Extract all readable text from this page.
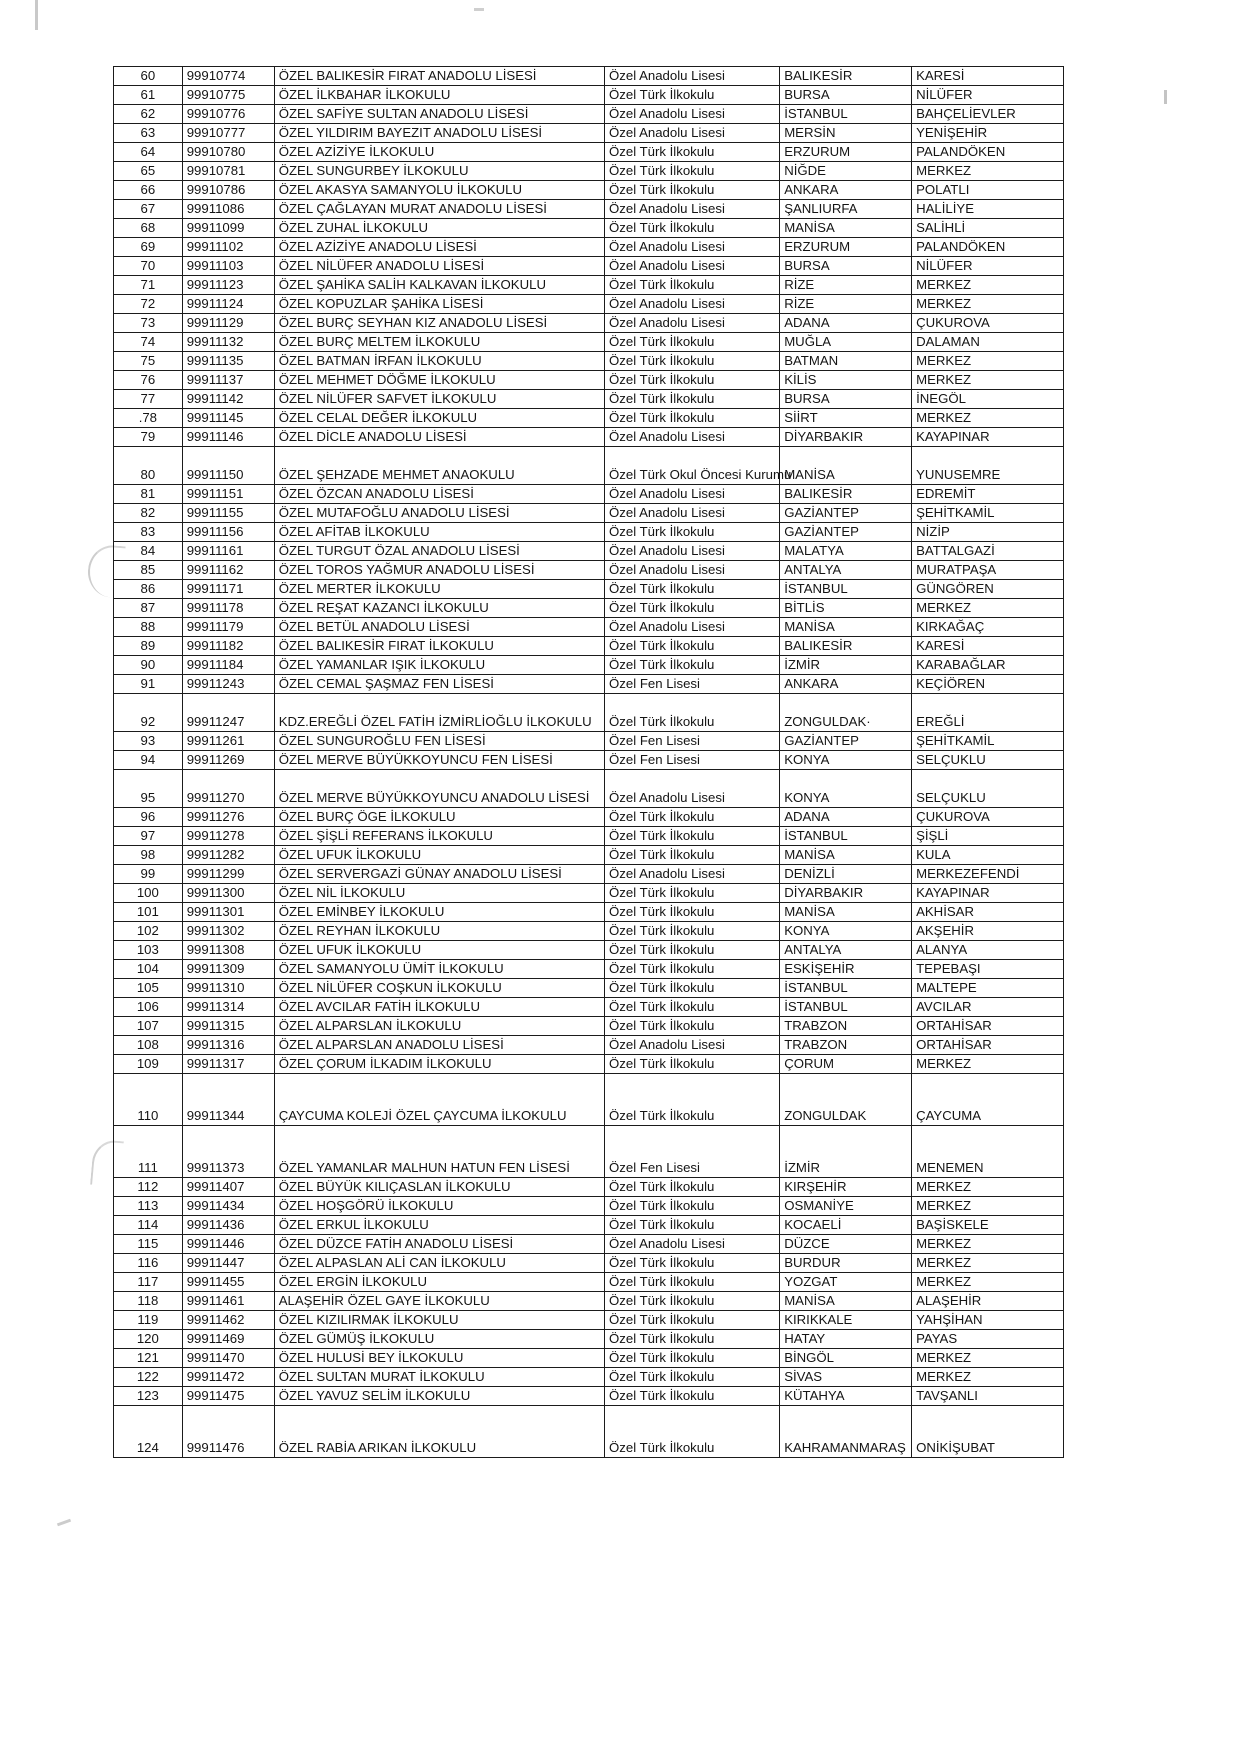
60	99910774	ÖZEL BALIKESİR FIRAT ANADOLU LİSESİ	Özel Anadolu Lisesi	BALIKESİR	KARESİ
61	99910775	ÖZEL İLKBAHAR İLKOKULU	Özel Türk İlkokulu	BURSA	NİLÜFER
62	99910776	ÖZEL SAFİYE SULTAN ANADOLU LİSESİ	Özel Anadolu Lisesi	İSTANBUL	BAHÇELİEVLER
63	99910777	ÖZEL YILDIRIM BAYEZIT ANADOLU LİSESİ	Özel Anadolu Lisesi	MERSİN	YENİŞEHİR
64	99910780	ÖZEL AZİZİYE İLKOKULU	Özel Türk İlkokulu	ERZURUM	PALANDÖKEN
65	99910781	ÖZEL SUNGURBEY İLKOKULU	Özel Türk İlkokulu	NİĞDE	MERKEZ
66	99910786	ÖZEL AKASYA SAMANYOLU İLKOKULU	Özel Türk İlkokulu	ANKARA	POLATLI
67	99911086	ÖZEL ÇAĞLAYAN MURAT ANADOLU LİSESİ	Özel Anadolu Lisesi	ŞANLIURFA	HALİLİYE
68	99911099	ÖZEL ZUHAL İLKOKULU	Özel Türk İlkokulu	MANİSA	SALİHLİ
69	99911102	ÖZEL AZİZİYE ANADOLU LİSESİ	Özel Anadolu Lisesi	ERZURUM	PALANDÖKEN
70	99911103	ÖZEL NİLÜFER ANADOLU LİSESİ	Özel Anadolu Lisesi	BURSA	NİLÜFER
71	99911123	ÖZEL ŞAHİKA SALİH KALKAVAN İLKOKULU	Özel Türk İlkokulu	RİZE	MERKEZ
72	99911124	ÖZEL KOPUZLAR ŞAHİKA LİSESİ	Özel Anadolu Lisesi	RİZE	MERKEZ
73	99911129	ÖZEL BURÇ SEYHAN KIZ ANADOLU LİSESİ	Özel Anadolu Lisesi	ADANA	ÇUKUROVA
74	99911132	ÖZEL BURÇ MELTEM İLKOKULU	Özel Türk İlkokulu	MUĞLA	DALAMAN
75	99911135	ÖZEL BATMAN İRFAN İLKOKULU	Özel Türk İlkokulu	BATMAN	MERKEZ
76	99911137	ÖZEL MEHMET DÖĞME İLKOKULU	Özel Türk İlkokulu	KİLİS	MERKEZ
77	99911142	ÖZEL NİLÜFER SAFVET İLKOKULU	Özel Türk İlkokulu	BURSA	İNEGÖL
.78	99911145	ÖZEL CELAL DEĞER İLKOKULU	Özel Türk İlkokulu	SİİRT	MERKEZ
79	99911146	ÖZEL DİCLE ANADOLU LİSESİ	Özel Anadolu Lisesi	DİYARBAKIR	KAYAPINAR
80	99911150	ÖZEL ŞEHZADE MEHMET ANAOKULU	Özel Türk Okul Öncesi Kurumu	MANİSA	YUNUSEMRE
81	99911151	ÖZEL ÖZCAN ANADOLU LİSESİ	Özel Anadolu Lisesi	BALIKESİR	EDREMİT
82	99911155	ÖZEL MUTAFOĞLU ANADOLU LİSESİ	Özel Anadolu Lisesi	GAZİANTEP	ŞEHİTKAMİL
83	99911156	ÖZEL AFİTAB İLKOKULU	Özel Türk İlkokulu	GAZİANTEP	NİZİP
84	99911161	ÖZEL TURGUT ÖZAL ANADOLU LİSESİ	Özel Anadolu Lisesi	MALATYA	BATTALGAZİ
85	99911162	ÖZEL TOROS YAĞMUR ANADOLU LİSESİ	Özel Anadolu Lisesi	ANTALYA	MURATPAŞA
86	99911171	ÖZEL MERTER İLKOKULU	Özel Türk İlkokulu	İSTANBUL	GÜNGÖREN
87	99911178	ÖZEL REŞAT KAZANCI İLKOKULU	Özel Türk İlkokulu	BİTLİS	MERKEZ
88	99911179	ÖZEL BETÜL ANADOLU LİSESİ	Özel Anadolu Lisesi	MANİSA	KIRKAĞAÇ
89	99911182	ÖZEL BALIKESİR FIRAT İLKOKULU	Özel Türk İlkokulu	BALIKESİR	KARESİ
90	99911184	ÖZEL YAMANLAR IŞIK İLKOKULU	Özel Türk İlkokulu	İZMİR	KARABAĞLAR
91	99911243	ÖZEL CEMAL ŞAŞMAZ FEN LİSESİ	Özel Fen Lisesi	ANKARA	KEÇİÖREN
92	99911247	KDZ.EREĞLİ ÖZEL FATİH İZMİRLİOĞLU İLKOKULU	Özel Türk İlkokulu	ZONGULDAK·	EREĞLİ
93	99911261	ÖZEL SUNGUROĞLU FEN LİSESİ	Özel Fen Lisesi	GAZİANTEP	ŞEHİTKAMİL
94	99911269	ÖZEL MERVE BÜYÜKKOYUNCU FEN LİSESİ	Özel Fen Lisesi	KONYA	SELÇUKLU
95	99911270	ÖZEL MERVE BÜYÜKKOYUNCU ANADOLU LİSESİ	Özel Anadolu Lisesi	KONYA	SELÇUKLU
96	99911276	ÖZEL BURÇ ÖGE İLKOKULU	Özel Türk İlkokulu	ADANA	ÇUKUROVA
97	99911278	ÖZEL ŞİŞLİ REFERANS İLKOKULU	Özel Türk İlkokulu	İSTANBUL	ŞİŞLİ
98	99911282	ÖZEL UFUK İLKOKULU	Özel Türk İlkokulu	MANİSA	KULA
99	99911299	ÖZEL SERVERGAZİ GÜNAY ANADOLU LİSESİ	Özel Anadolu Lisesi	DENİZLİ	MERKEZEFENDİ
100	99911300	ÖZEL NİL İLKOKULU	Özel Türk İlkokulu	DİYARBAKIR	KAYAPINAR
101	99911301	ÖZEL EMİNBEY İLKOKULU	Özel Türk İlkokulu	MANİSA	AKHİSAR
102	99911302	ÖZEL REYHAN İLKOKULU	Özel Türk İlkokulu	KONYA	AKŞEHİR
103	99911308	ÖZEL UFUK İLKOKULU	Özel Türk İlkokulu	ANTALYA	ALANYA
104	99911309	ÖZEL SAMANYOLU ÜMİT İLKOKULU	Özel Türk İlkokulu	ESKİŞEHİR	TEPEBAŞI
105	99911310	ÖZEL NİLÜFER COŞKUN İLKOKULU	Özel Türk İlkokulu	İSTANBUL	MALTEPE
106	99911314	ÖZEL AVCILAR FATİH İLKOKULU	Özel Türk İlkokulu	İSTANBUL	AVCILAR
107	99911315	ÖZEL ALPARSLAN İLKOKULU	Özel Türk İlkokulu	TRABZON	ORTAHİSAR
108	99911316	ÖZEL ALPARSLAN ANADOLU LİSESİ	Özel Anadolu Lisesi	TRABZON	ORTAHİSAR
109	99911317	ÖZEL ÇORUM İLKADIM İLKOKULU	Özel Türk İlkokulu	ÇORUM	MERKEZ
110	99911344	ÇAYCUMA KOLEJİ ÖZEL ÇAYCUMA İLKOKULU	Özel Türk İlkokulu	ZONGULDAK	ÇAYCUMA
111	99911373	ÖZEL YAMANLAR MALHUN HATUN FEN LİSESİ	Özel Fen Lisesi	İZMİR	MENEMEN
112	99911407	ÖZEL BÜYÜK KILIÇASLAN İLKOKULU	Özel Türk İlkokulu	KIRŞEHİR	MERKEZ
113	99911434	ÖZEL HOŞGÖRÜ İLKOKULU	Özel Türk İlkokulu	OSMANİYE	MERKEZ
114	99911436	ÖZEL ERKUL İLKOKULU	Özel Türk İlkokulu	KOCAELİ	BAŞİSKELE
115	99911446	ÖZEL DÜZCE FATİH ANADOLU LİSESİ	Özel Anadolu Lisesi	DÜZCE	MERKEZ
116	99911447	ÖZEL ALPASLAN ALİ CAN İLKOKULU	Özel Türk İlkokulu	BURDUR	MERKEZ
117	99911455	ÖZEL ERGİN İLKOKULU	Özel Türk İlkokulu	YOZGAT	MERKEZ
118	99911461	ALAŞEHİR ÖZEL GAYE İLKOKULU	Özel Türk İlkokulu	MANİSA	ALAŞEHİR
119	99911462	ÖZEL KIZILIRMAK İLKOKULU	Özel Türk İlkokulu	KIRIKKALE	YAHŞİHAN
120	99911469	ÖZEL GÜMÜŞ İLKOKULU	Özel Türk İlkokulu	HATAY	PAYAS
121	99911470	ÖZEL HULUSİ BEY İLKOKULU	Özel Türk İlkokulu	BİNGÖL	MERKEZ
122	99911472	ÖZEL SULTAN MURAT İLKOKULU	Özel Türk İlkokulu	SİVAS	MERKEZ
123	99911475	ÖZEL YAVUZ SELİM İLKOKULU	Özel Türk İlkokulu	KÜTAHYA	TAVŞANLI
124	99911476	ÖZEL RABİA ARIKAN İLKOKULU	Özel Türk İlkokulu	KAHRAMANMARAŞ	ONİKİŞUBAT
